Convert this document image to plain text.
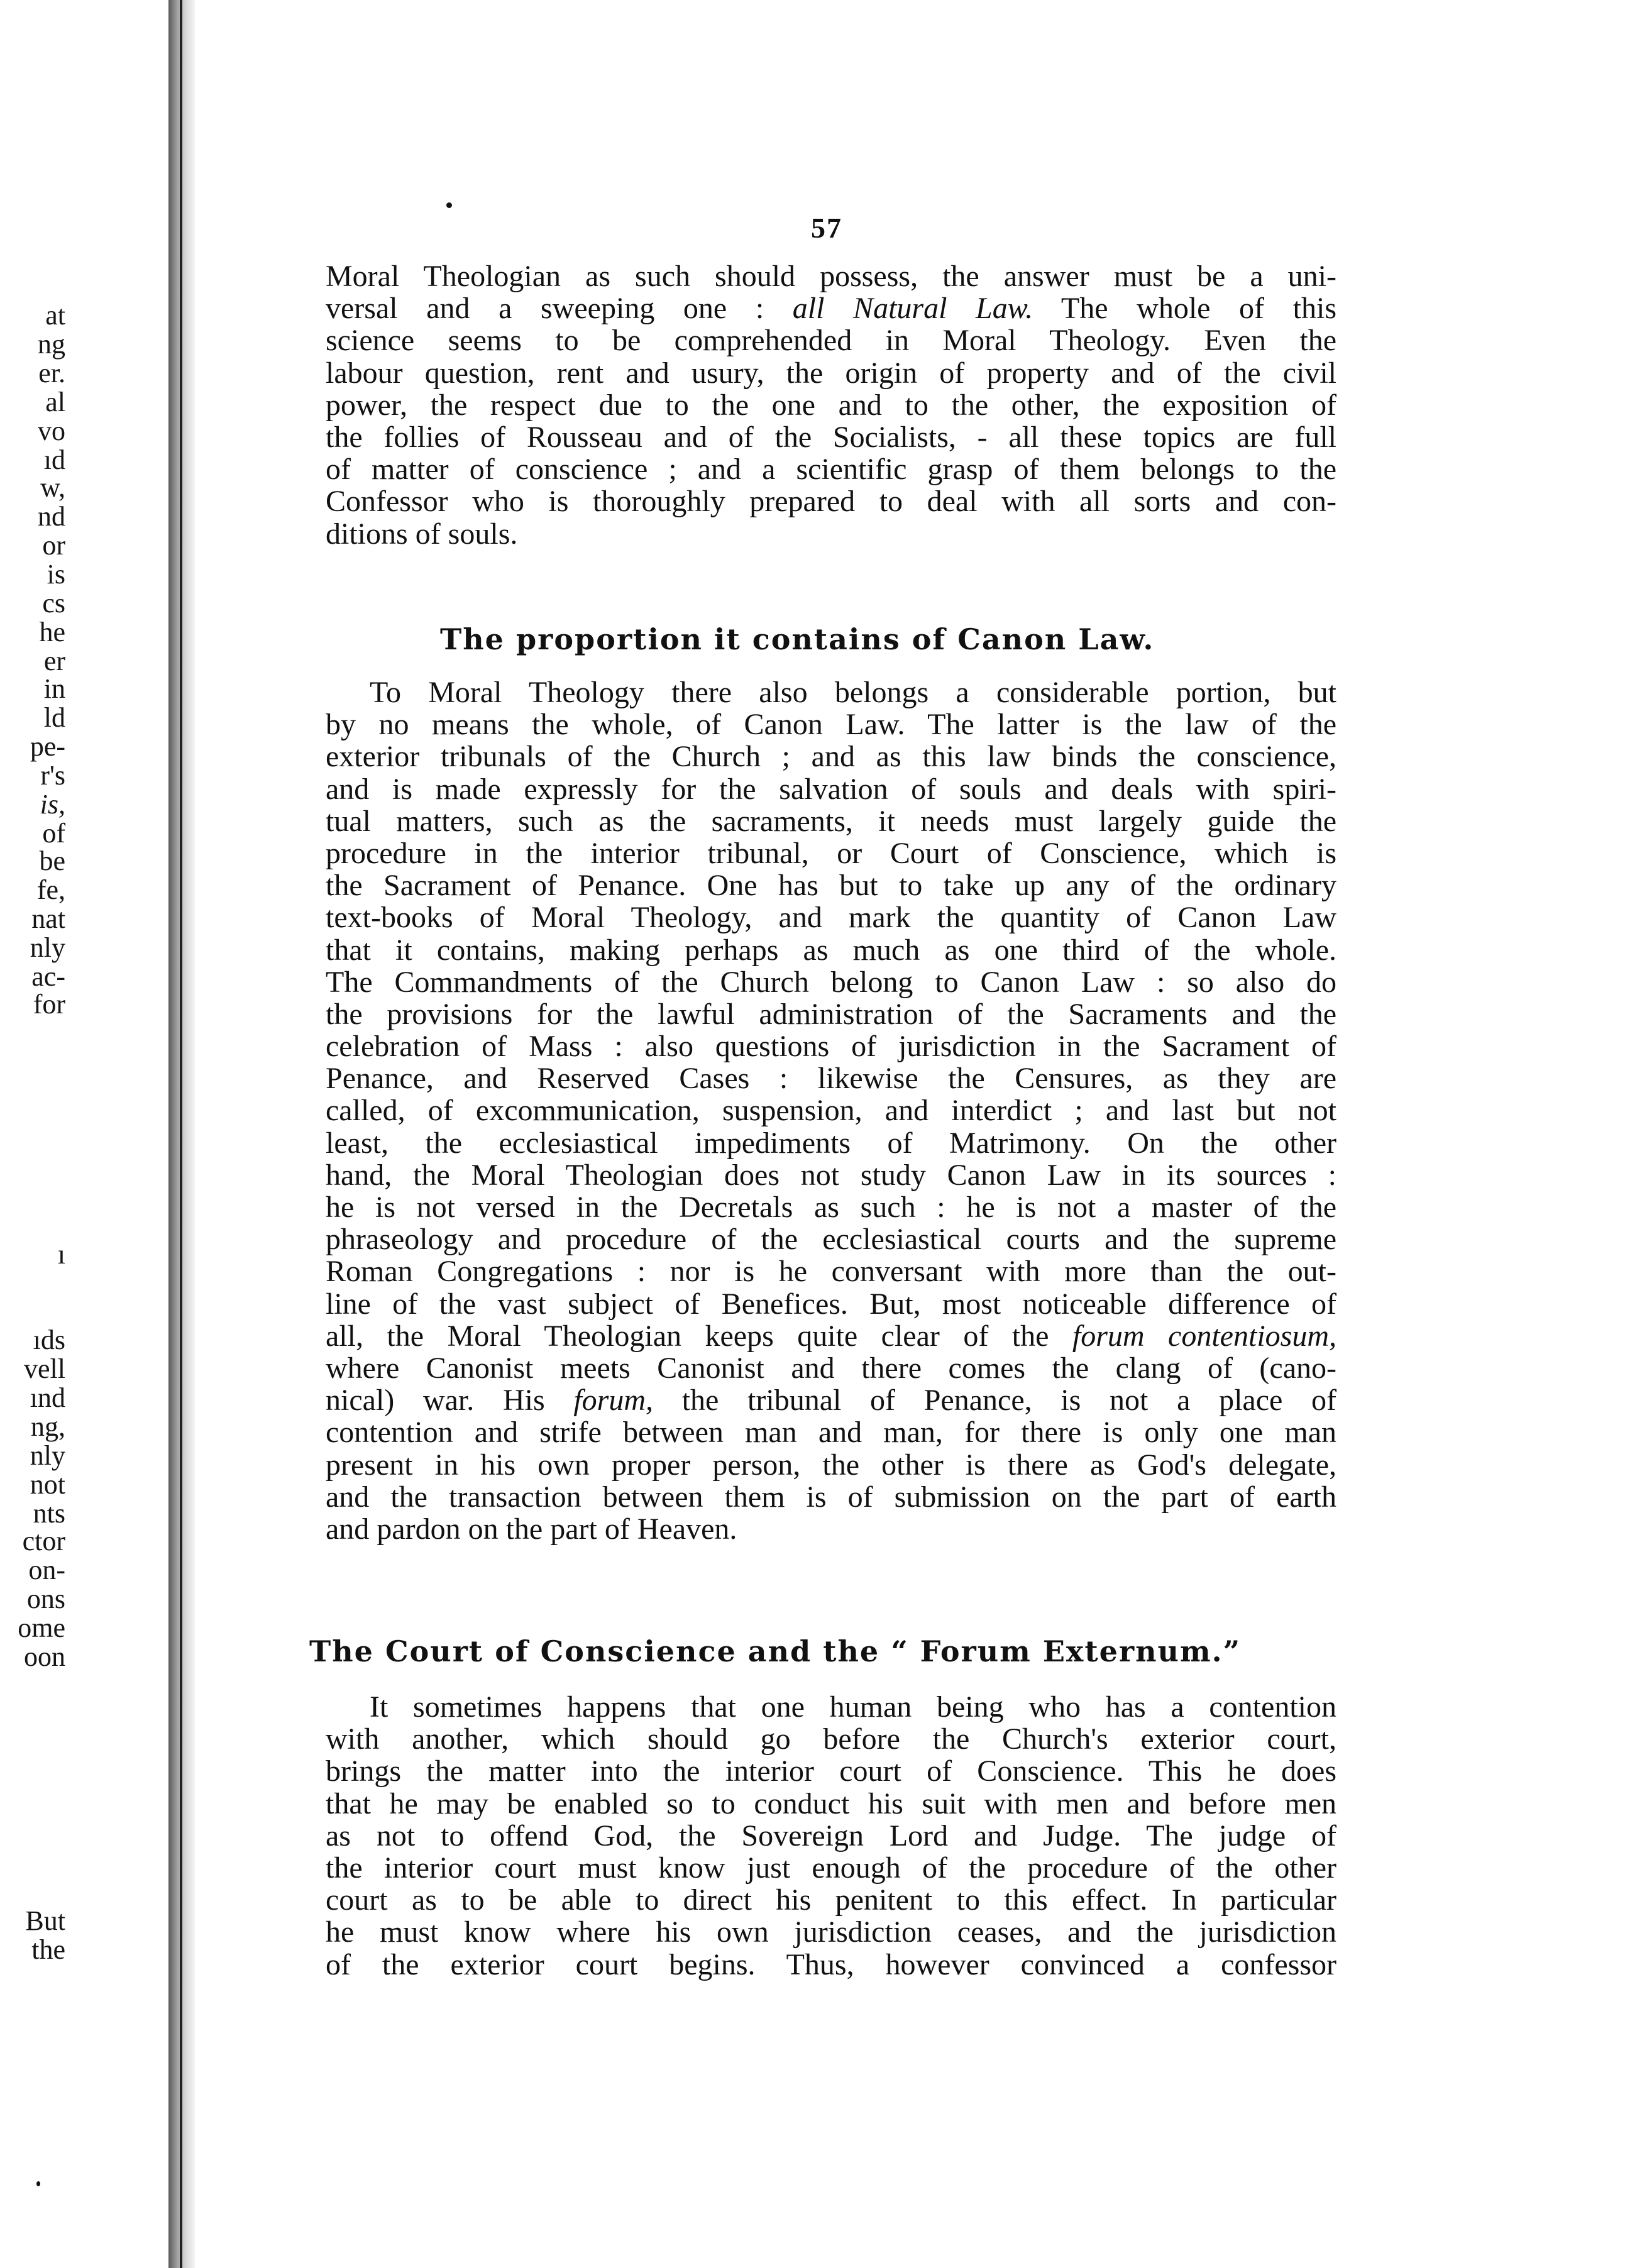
at
ng
er.
al
vo
ıd
w,
nd
or
is
cs
he
er
in
ld
pe-
r's
is,
of
be
fe,
nat
nly
ac-
for
ı
ıds
vell
ınd
ng,
nly
not
nts
ctor
on-
ons
ome
oon
But
the
57
Moral Theologian as such should possess, the answer must be a uni-
versal and a sweeping one : all Natural Law. The whole of this
science seems to be comprehended in Moral Theology. Even the
labour question, rent and usury, the origin of property and of the civil
power, the respect due to the one and to the other, the exposition of
the follies of Rousseau and of the Socialists, - all these topics are full
of matter of conscience ; and a scientific grasp of them belongs to the
Confessor who is thoroughly prepared to deal with all sorts and con-
ditions of souls.
The proportion it contains of Canon Law.
To Moral Theology there also belongs a considerable portion, but
by no means the whole, of Canon Law. The latter is the law of the
exterior tribunals of the Church ; and as this law binds the conscience,
and is made expressly for the salvation of souls and deals with spiri-
tual matters, such as the sacraments, it needs must largely guide the
procedure in the interior tribunal, or Court of Conscience, which is
the Sacrament of Penance. One has but to take up any of the ordinary
text-books of Moral Theology, and mark the quantity of Canon Law
that it contains, making perhaps as much as one third of the whole.
The Commandments of the Church belong to Canon Law : so also do
the provisions for the lawful administration of the Sacraments and the
celebration of Mass : also questions of jurisdiction in the Sacrament of
Penance, and Reserved Cases : likewise the Censures, as they are
called, of excommunication, suspension, and interdict ; and last but not
least, the ecclesiastical impediments of Matrimony. On the other
hand, the Moral Theologian does not study Canon Law in its sources :
he is not versed in the Decretals as such : he is not a master of the
phraseology and procedure of the ecclesiastical courts and the supreme
Roman Congregations : nor is he conversant with more than the out-
line of the vast subject of Benefices. But, most noticeable difference of
all, the Moral Theologian keeps quite clear of the forum contentiosum,
where Canonist meets Canonist and there comes the clang of (cano-
nical) war. His forum, the tribunal of Penance, is not a place of
contention and strife between man and man, for there is only one man
present in his own proper person, the other is there as God's delegate,
and the transaction between them is of submission on the part of earth
and pardon on the part of Heaven.
The Court of Conscience and the “ Forum Externum.”
It sometimes happens that one human being who has a contention
with another, which should go before the Church's exterior court,
brings the matter into the interior court of Conscience. This he does
that he may be enabled so to conduct his suit with men and before men
as not to offend God, the Sovereign Lord and Judge. The judge of
the interior court must know just enough of the procedure of the other
court as to be able to direct his penitent to this effect. In particular
he must know where his own jurisdiction ceases, and the jurisdiction
of the exterior court begins. Thus, however convinced a confessor
